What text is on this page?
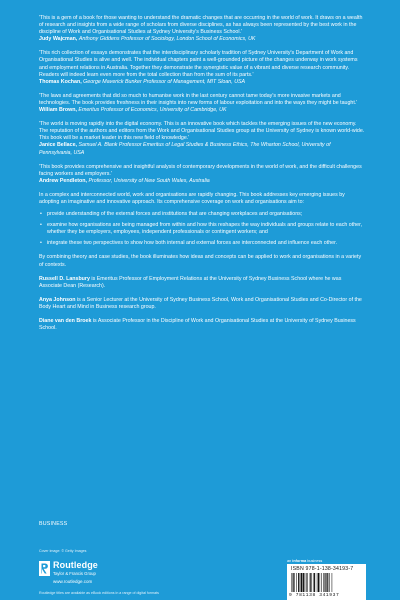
'This is a gem of a book for those wanting to understand the dramatic changes that are occurring in the world of work. It draws on a wealth of research and insights from a wide range of scholars from diverse disciplines, as has always been represented by the best work in the discipline of Work and Organisational Studies at Sydney University's Business School.'

Judy Wajcman, Anthony Giddens Professor of Sociology, London School of Economics, UK

'This rich collection of essays demonstrates that the interdisciplinary scholarly tradition of Sydney University's Department of Work and Organisational Studies is alive and well. The individual chapters paint a well-grounded picture of the changes underway in work systems and employment relations in Australia. Together they demonstrate the synergistic value of a vibrant and diverse research community. Readers will indeed learn even more from the total collection than from the sum of its parts.'

Thomas Kochan, George Maverick Bunker Professor of Management, MIT Sloan, USA

'The laws and agreements that did so much to humanise work in the last century cannot tame today's more invasive markets and technologies. The book provides freshness in their insights into new forms of labour exploitation and into the ways they might be taught.'

William Brown, Emeritus Professor of Economics, University of Cambridge, UK

'The world is moving rapidly into the digital economy. This is an innovative book which tackles the emerging issues of the new economy. The reputation of the authors and editors from the Work and Organisational Studies group at the University of Sydney is known world-wide. This book will be a market leader in this new field of knowledge.'

Janice Bellace, Samuel A. Blank Professor Emeritus of Legal Studies & Business Ethics, The Wharton School, University of Pennsylvania, USA

'This book provides comprehensive and insightful analysis of contemporary developments in the world of work, and the difficult challenges facing workers and employers.'

Andrew Pendleton, Professor, University of New South Wales, Australia

In a complex and interconnected world, work and organisations are rapidly changing. This book addresses key emerging issues by adopting an imaginative and innovative approach. Its comprehensive coverage on work and organisations aim to:

• provide understanding of the external forces and institutions that are changing workplaces and organisations;
• examine how organisations are being managed from within and how this reshapes the way individuals and groups relate to each other, whether they be employers, employees, independent professionals or contingent workers; and
• integrate these two perspectives to show how both internal and external forces are interconnected and influence each other.

By combining theory and case studies, the book illuminates how ideas and concepts can be applied to work and organisations in a variety of contexts.

Russell D. Lansbury is Emeritus Professor of Employment Relations at the University of Sydney Business School where he was Associate Dean (Research).

Anya Johnson is a Senior Lecturer at the University of Sydney Business School, Work and Organisational Studies and Co-Director of the Body Heart and Mind in Business research group.

Diane van den Broek is Associate Professor in the Discipline of Work and Organisational Studies at the University of Sydney Business School.

BUSINESS
Cover image: © Getty Images
Routledge
Taylor & Francis Group
www.routledge.com
an informa business
ISBN 978-1-138-34193-7
9 781138 341937
Routledge titles are available as eBook editions in a range of digital formats
